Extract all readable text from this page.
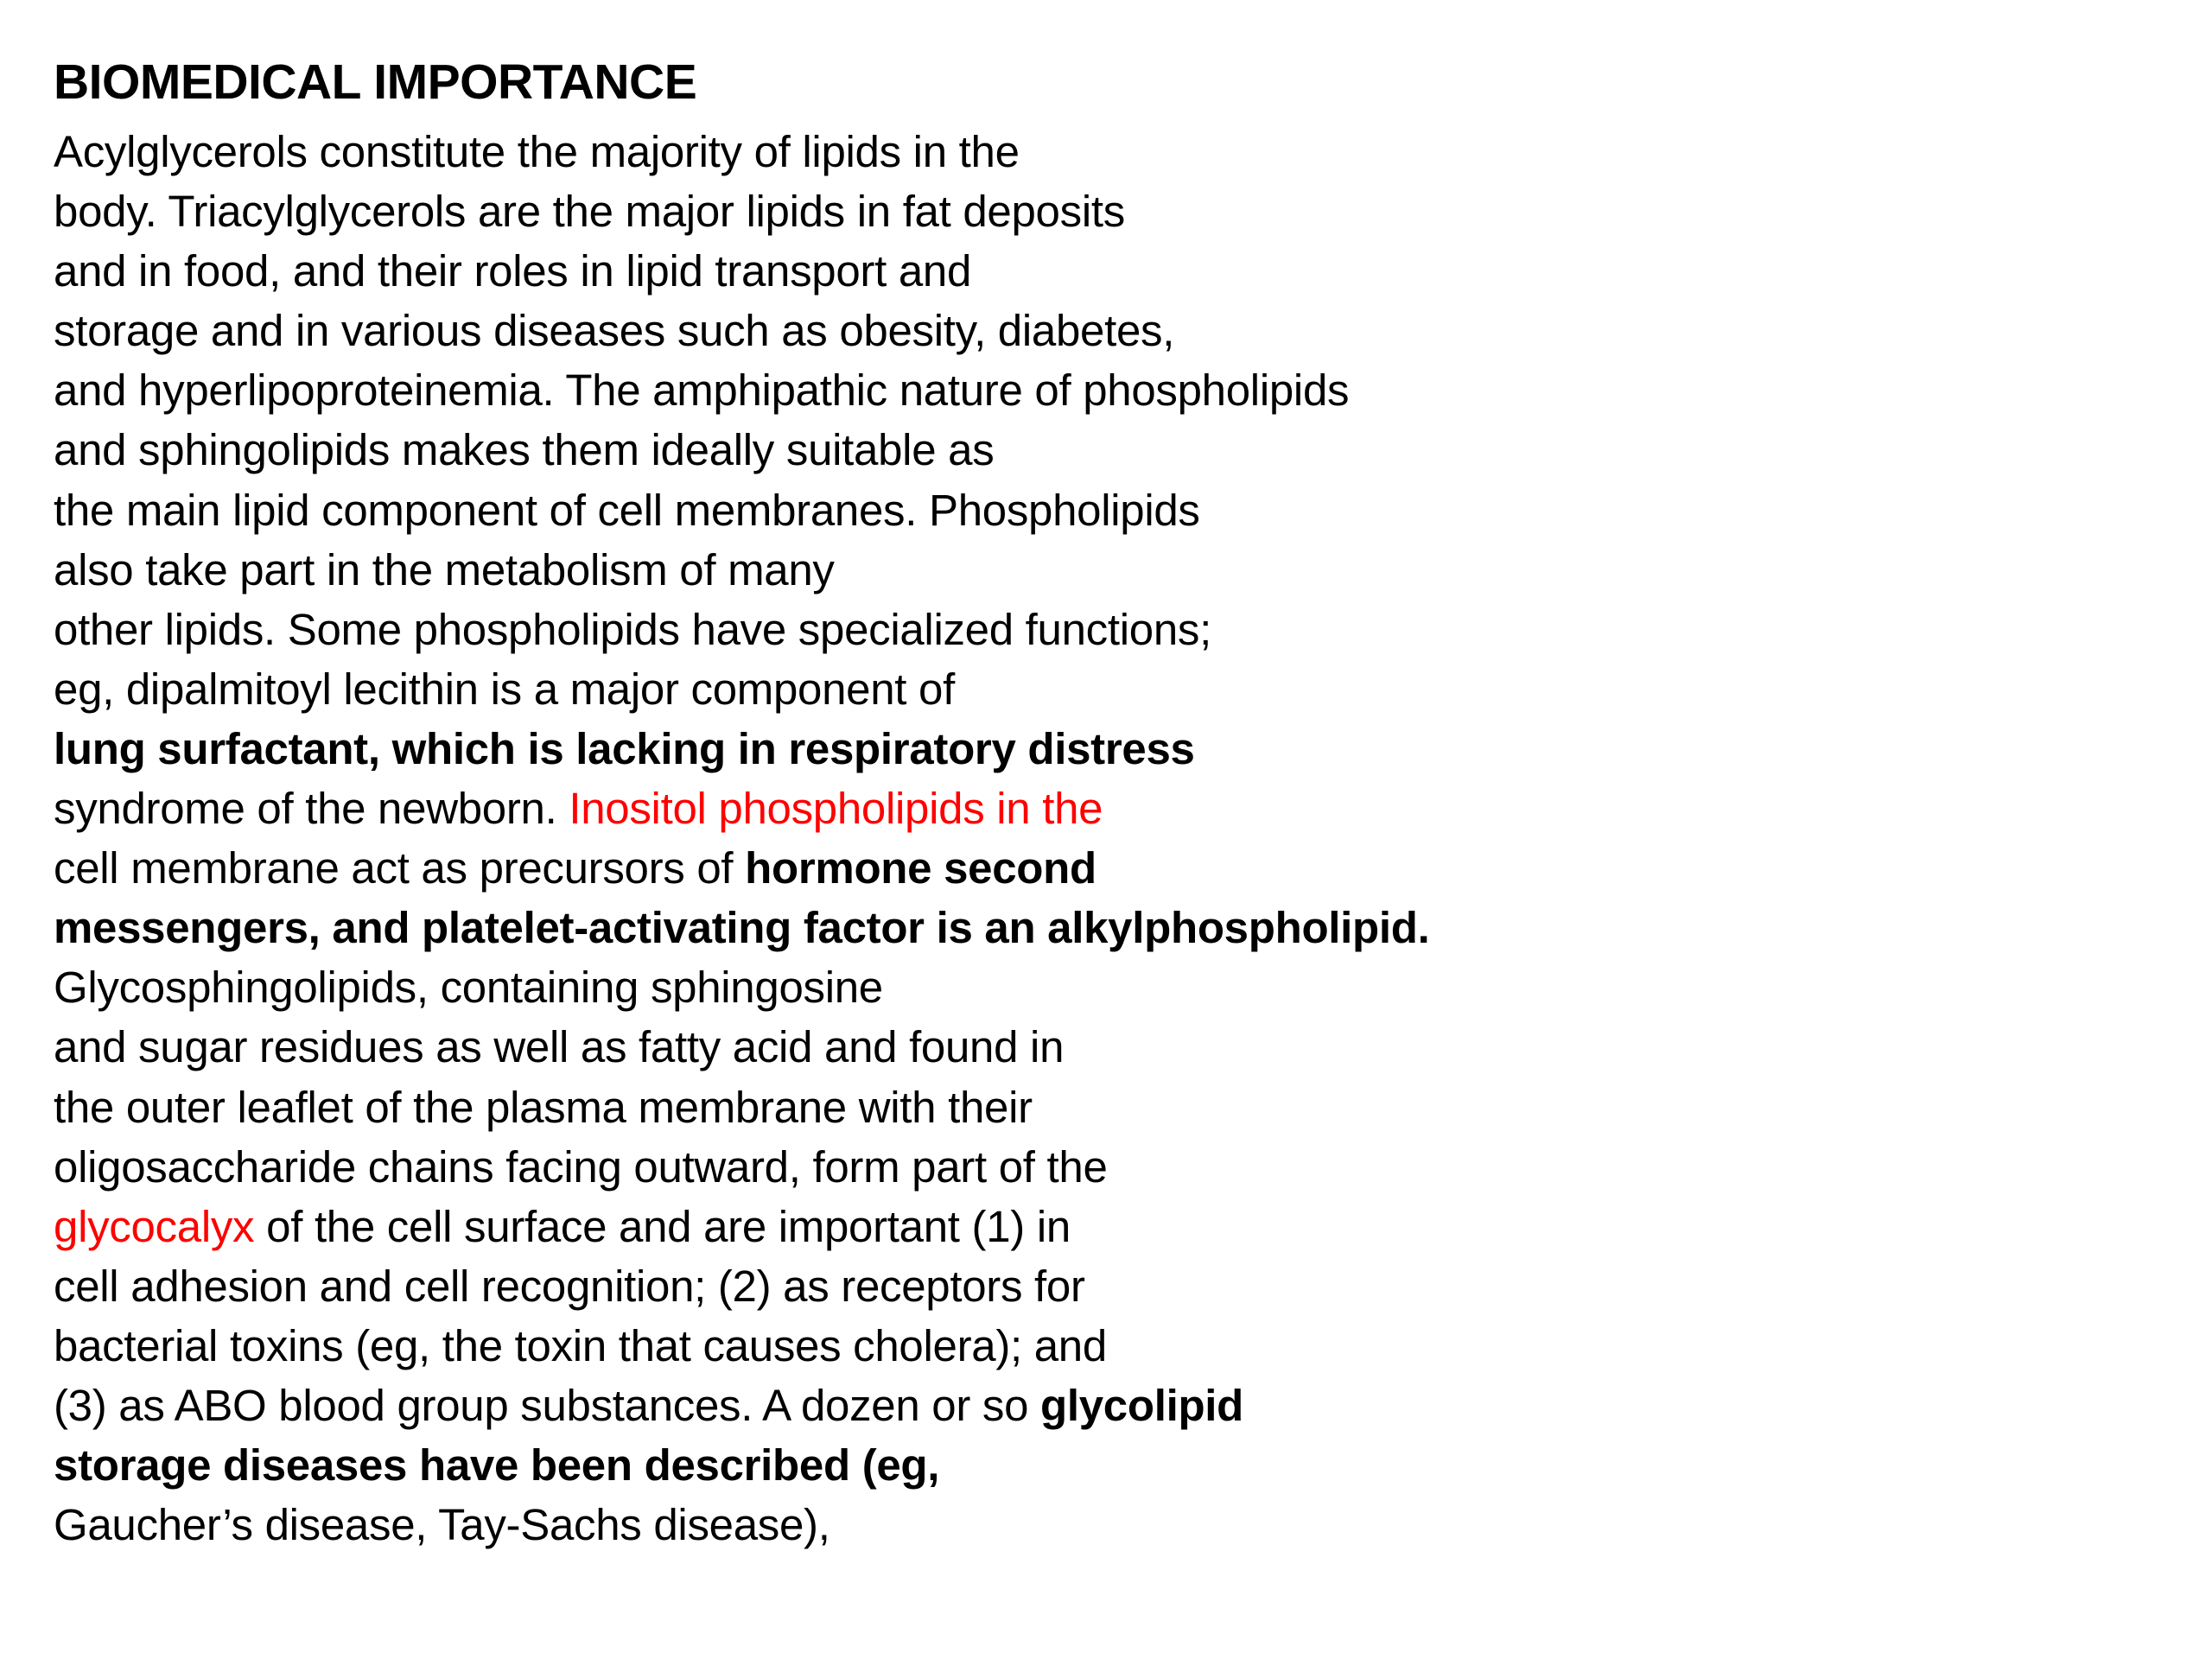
BIOMEDICAL IMPORTANCE
Acylglycerols constitute the majority of lipids in the
body. Triacylglycerols are the major lipids in fat deposits
and in food, and their roles in lipid transport and
storage and in various diseases such as obesity, diabetes,
and hyperlipoproteinemia. The amphipathic nature of phospholipids
and sphingolipids makes them ideally suitable as
the main lipid component of cell membranes. Phospholipids
also take part in the metabolism of many
other lipids. Some phospholipids have specialized functions;
eg, dipalmitoyl lecithin is a major component of
lung surfactant, which is lacking in respiratory distress
syndrome of the newborn. Inositol phospholipids in the
cell membrane act as precursors of hormone second
messengers, and platelet-activating factor is an alkylphospholipid.
Glycosphingolipids, containing sphingosine
and sugar residues as well as fatty acid and found in
the outer leaflet of the plasma membrane with their
oligosaccharide chains facing outward, form part of the
glycocalyx of the cell surface and are important (1) in
cell adhesion and cell recognition; (2) as receptors for
bacterial toxins (eg, the toxin that causes cholera); and
(3) as ABO blood group substances. A dozen or so glycolipid
storage diseases have been described (eg,
Gaucher’s disease, Tay-Sachs disease),
